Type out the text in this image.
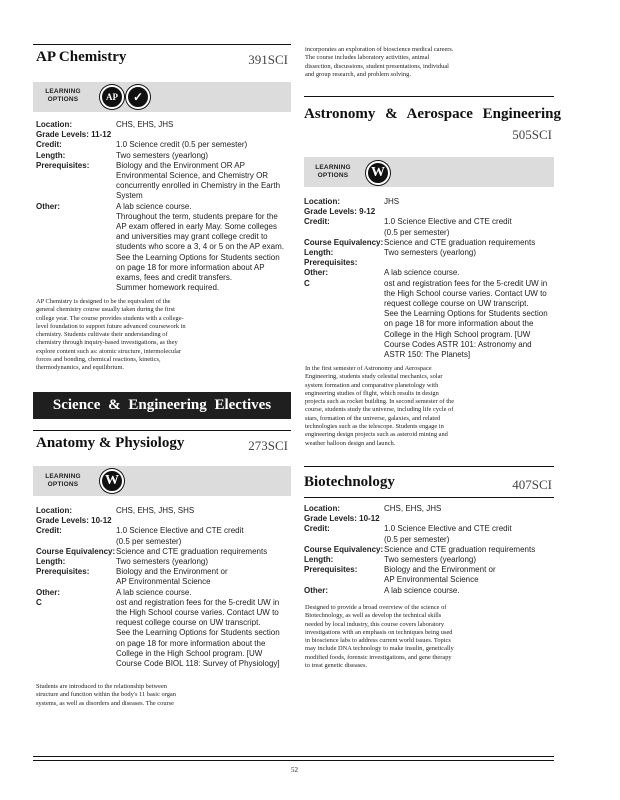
AP Chemistry	391SCI
LEARNING OPTIONS	AP	✓
Location:	CHS, EHS, JHS
Grade Levels: 11-12
Credit:	1.0 Science credit (0.5 per semester)
Length:	Two semesters (yearlong)
Prerequisites:	Biology and the Environment OR AP Environmental Science, and Chemistry OR concurrently enrolled in Chemistry in the Earth System
Other:	A lab science course.
Throughout the term, students prepare for the AP exam offered in early May. Some colleges and universities may grant college credit to students who score a 3, 4 or 5 on the AP exam. See the Learning Options for Students section on page 18 for more information about AP exams, fees and credit transfers.
Summer homework required.

AP Chemistry is designed to be the equivalent of the general chemistry course usually taken during the first college year. The course provides students with a college-level foundation to support future advanced coursework in chemistry. Students cultivate their understanding of chemistry through inquiry-based investigations, as they explore content such as: atomic structure, intermolecular forces and bonding, chemical reactions, kinetics, thermodynamics, and equilibrium.

Science & Engineering Electives
Anatomy & Physiology	273SCI
LEARNING OPTIONS	W
Location:	CHS, EHS, JHS, SHS
Grade Levels: 10-12
Credit:	1.0 Science Elective and CTE credit
(0.5 per semester)
Course Equivalency: Science and CTE graduation requirements
Length:	Two semesters (yearlong)
Prerequisites:	Biology and the Environment or
AP Environmental Science
Other:	A lab science course.
C	ost and registration fees for the 5-credit UW in the High School course varies. Contact UW to request college course on UW transcript.
See the Learning Options for Students section on page 18 for more information about the College in the High School program. [UW Course Code BIOL 118: Survey of Physiology]

Students are introduced to the relationship between structure and function within the body's 11 basic organ systems, as well as disorders and diseases. The course

incorporates an exploration of bioscience medical careers. The course includes laboratory activities, animal dissection, discussions, student presentations, individual and group research, and problem solving.

Astronomy & Aerospace Engineering
505SCI
LEARNING OPTIONS	W
Location:	JHS
Grade Levels: 9-12
Credit:	1.0 Science Elective and CTE credit
(0.5 per semester)
Course Equivalency: Science and CTE graduation requirements
Length:	Two semesters (yearlong)
Prerequisites:
Other:	A lab science course.
C	ost and registration fees for the 5-credit UW in the High School course varies. Contact UW to request college course on UW transcript.
See the Learning Options for Students section on page 18 for more information about the College in the High School program. [UW Course Codes ASTR 101: Astronomy and ASTR 150: The Planets]

In the first semester of Astronomy and Aerospace Engineering, students study celestial mechanics, solar system formation and comparative planetology with engineering studies of flight, which results in design projects such as rocket building. In second semester of the course, students study the universe, including life cycle of stars, formation of the universe, galaxies, and related technologies such as the telescope. Students engage in engineering design projects such as asteroid mining and weather balloon design and launch.

Biotechnology	407SCI
Location:	CHS, EHS, JHS
Grade Levels: 10-12
Credit:	1.0 Science Elective and CTE credit
(0.5 per semester)
Course Equivalency: Science and CTE graduation requirements
Length:	Two semesters (yearlong)
Prerequisites:	Biology and the Environment or
AP Environmental Science
Other:	A lab science course.

Designed to provide a broad overview of the science of Biotechnology, as well as develop the technical skills needed by local industry, this course covers laboratory investigations with an emphasis on techniques being used in bioscience labs to address current world issues. Topics may include DNA technology to make insulin, genetically modified foods, forensic investigations, and gene therapy to treat genetic diseases.

52
